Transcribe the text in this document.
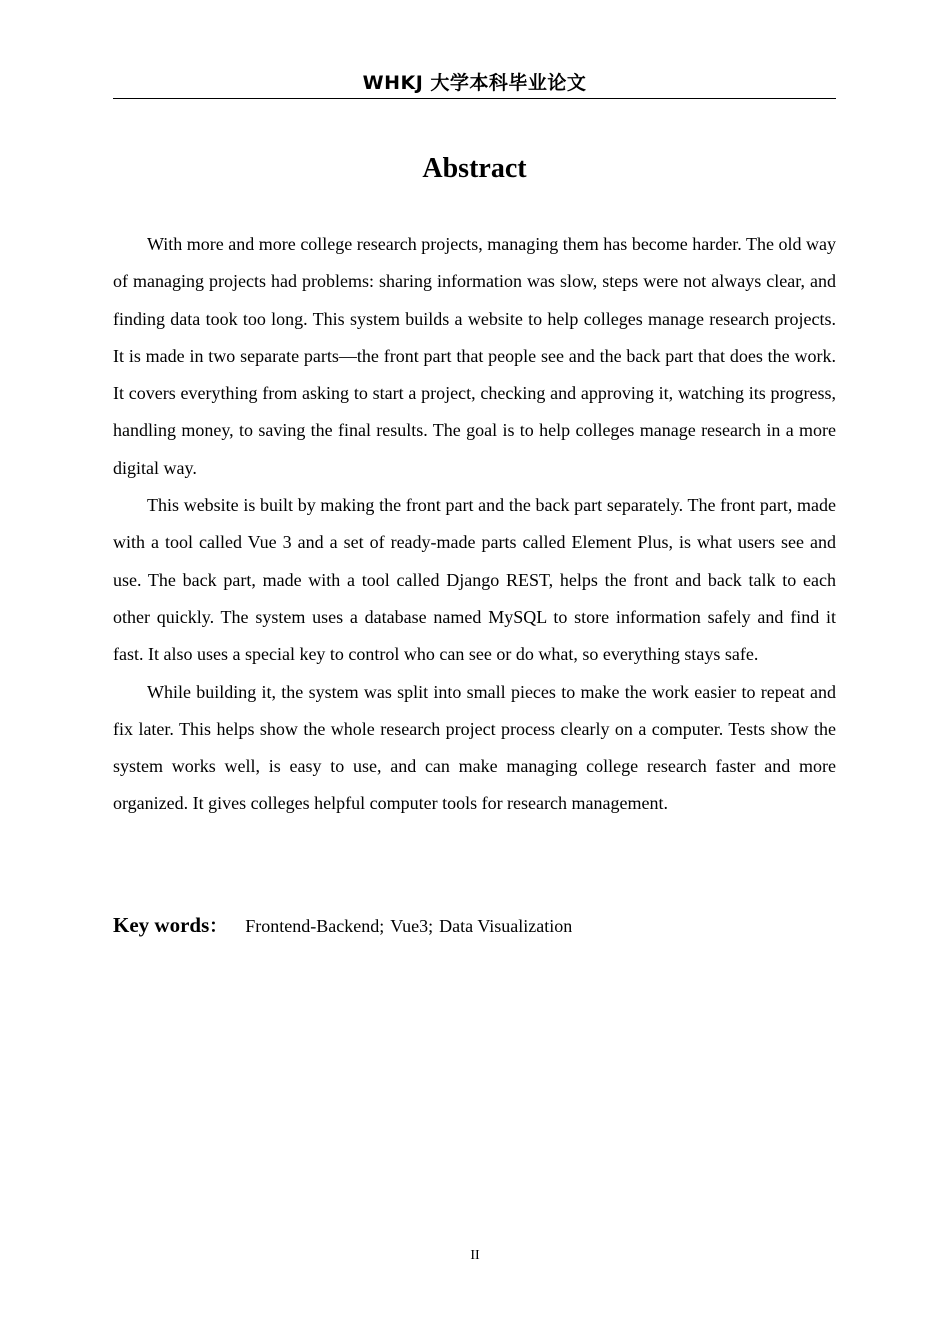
WHKJ 大学本科毕业论文
Abstract

With more and more college research projects, managing them has become harder. The old way of managing projects had problems: sharing information was slow, steps were not always clear, and finding data took too long. This system builds a website to help colleges manage research projects. It is made in two separate parts—the front part that people see and the back part that does the work. It covers everything from asking to start a project, checking and approving it, watching its progress, handling money, to saving the final results. The goal is to help colleges manage research in a more digital way.

This website is built by making the front part and the back part separately. The front part, made with a tool called Vue 3 and a set of ready-made parts called Element Plus, is what users see and use. The back part, made with a tool called Django REST, helps the front and back talk to each other quickly. The system uses a database named MySQL to store information safely and find it fast. It also uses a special key to control who can see or do what, so everything stays safe.

While building it, the system was split into small pieces to make the work easier to repeat and fix later. This helps show the whole research project process clearly on a computer. Tests show the system works well, is easy to use, and can make managing college research faster and more organized. It gives colleges helpful computer tools for research management.

Key words： Frontend-Backend; Vue3; Data Visualization
II
